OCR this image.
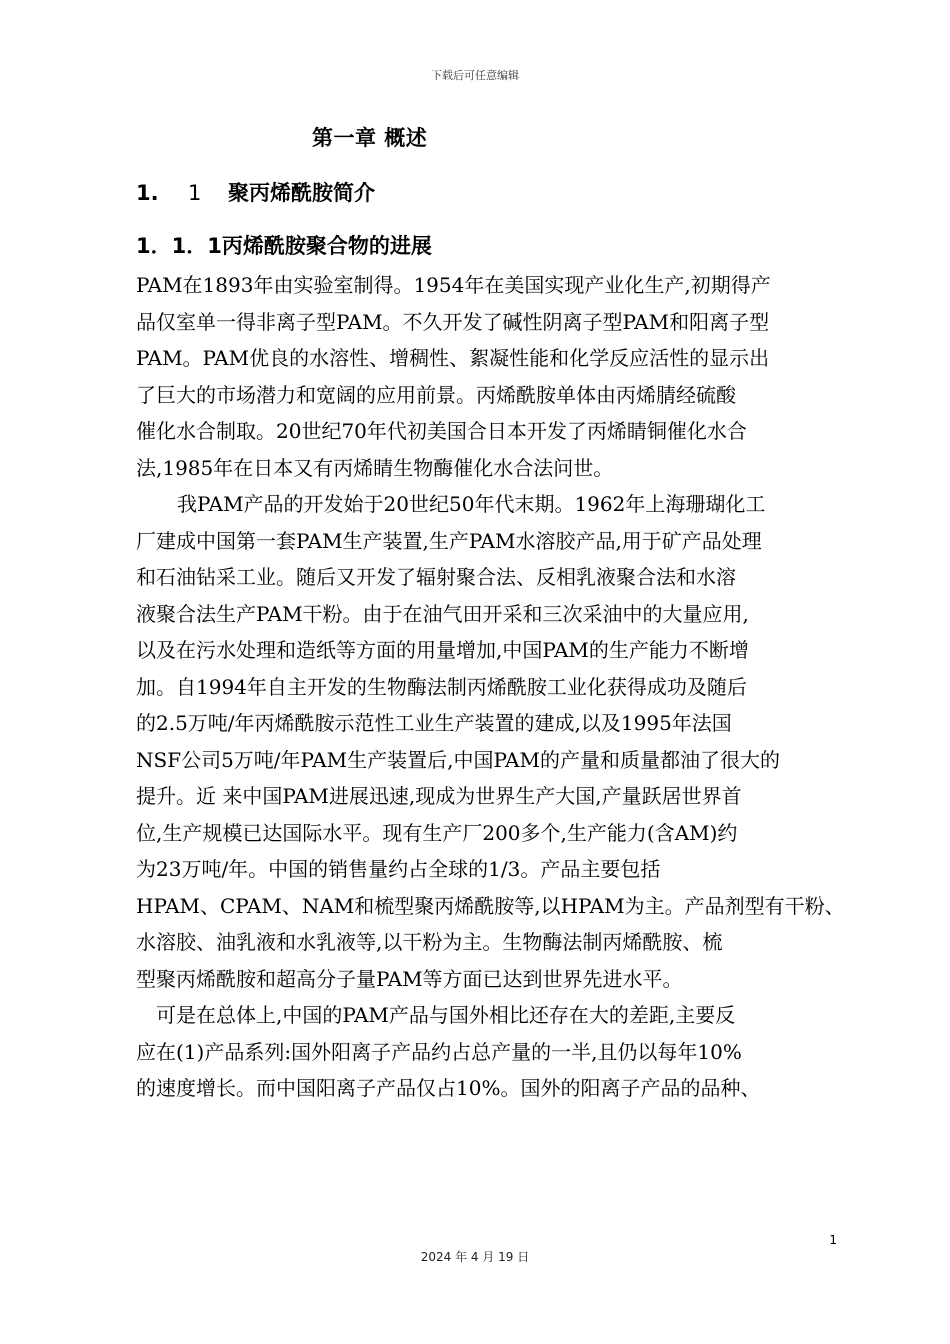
下载后可任意编辑
第一章 概述
1. 1 聚丙烯酰胺简介
1．1．1丙烯酰胺聚合物的进展
PAM在1893年由实验室制得。1954年在美国实现产业化生产,初期得产
品仅室单一得非离子型PAM。不久开发了碱性阴离子型PAM和阳离子型
PAM。PAM优良的水溶性、增稠性、絮凝性能和化学反应活性的显示出
了巨大的市场潜力和宽阔的应用前景。丙烯酰胺单体由丙烯腈经硫酸
催化水合制取。20世纪70年代初美国合日本开发了丙烯睛铜催化水合
法,1985年在日本又有丙烯睛生物酶催化水合法问世。
我PAM产品的开发始于20世纪50年代末期。1962年上海珊瑚化工
厂建成中国第一套PAM生产装置,生产PAM水溶胶产品,用于矿产品处理
和石油钻采工业。随后又开发了辐射聚合法、反相乳液聚合法和水溶
液聚合法生产PAM干粉。由于在油气田开采和三次采油中的大量应用,
以及在污水处理和造纸等方面的用量增加,中国PAM的生产能力不断增
加。自1994年自主开发的生物酶法制丙烯酰胺工业化获得成功及随后
的2.5万吨/年丙烯酰胺示范性工业生产装置的建成,以及1995年法国
NSF公司5万吨/年PAM生产装置后,中国PAM的产量和质量都油了很大的
提升。近 来中国PAM进展迅速,现成为世界生产大国,产量跃居世界首
位,生产规模已达国际水平。现有生产厂200多个,生产能力(含AM)约
为23万吨/年。中国的销售量约占全球的1/3。产品主要包括
HPAM、CPAM、NAM和梳型聚丙烯酰胺等,以HPAM为主。产品剂型有干粉、
水溶胶、油乳液和水乳液等,以干粉为主。生物酶法制丙烯酰胺、梳
型聚丙烯酰胺和超高分子量PAM等方面已达到世界先进水平。
可是在总体上,中国的PAM产品与国外相比还存在大的差距,主要反
应在(1)产品系列:国外阳离子产品约占总产量的一半,且仍以每年10%
的速度增长。而中国阳离子产品仅占10%。国外的阳离子产品的品种、
1
2024 年 4 月 19 日
